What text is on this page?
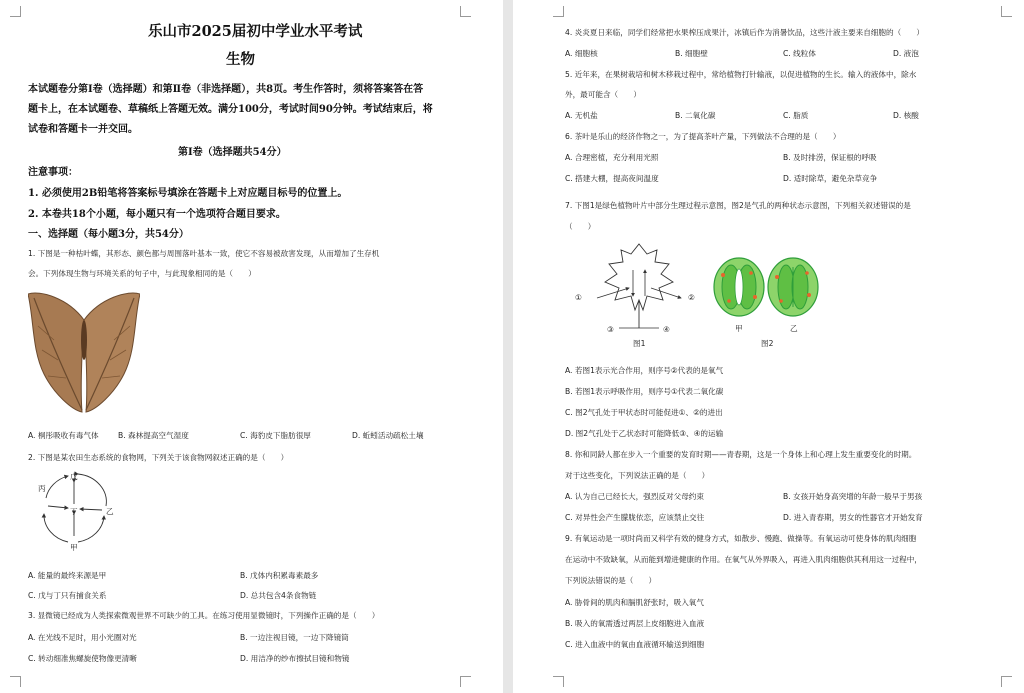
乐山市2025届初中学业水平考试
生物
本试题卷分第Ⅰ卷（选择题）和第Ⅱ卷（非选择题），共8页。考生作答时，须将答案答在答
题卡上，在本试题卷、草稿纸上答题无效。满分100分，考试时间90分钟。考试结束后，将
试卷和答题卡一并交回。
第Ⅰ卷（选择题共54分）
注意事项：
1. 必须使用2B铅笔将答案标号填涂在答题卡上对应题目标号的位置上。
2. 本卷共18个小题，每小题只有一个选项符合题目要求。
一、选择题（每小题3分，共54分）
1. 下图是一种枯叶蝶，其形态、颜色都与周围落叶基本一致，使它不容易被敌害发现，从而增加了生存机
会。下列体现生物与环境关系的句子中，与此现象相同的是（　　）
A. 桐彤吸收有毒气体	B. 森林提高空气湿度	C. 海豹皮下脂肪很厚	D. 蚯蚓活动疏松土壤
2. 下图是某农田生态系统的食物网，下列关于该食物网叙述正确的是（　　）
戊
丙
丁	乙
甲
A. 能量的最终来源是甲	B. 戊体内积累毒素最多
C. 戊与丁只有捕食关系	D. 总共包含4条食物链
3. 显微镜已经成为人类探索微观世界不可缺少的工具。在练习使用显微镜时，下列操作正确的是（　　）
A. 在光线不足时，用小光圈对光	B. 一边注视目镜，一边下降镜筒
C. 转动细准焦螺旋使物像更清晰	D. 用洁净的纱布擦拭目镜和物镜
4. 炎炎夏日来临，同学们经常把水果榨压成果汁，冰镇后作为消暑饮品，这些汁液主要来自细胞的（　　）
A. 细胞核	B. 细胞壁	C. 线粒体	D. 液泡
5. 近年来，在果树栽培和树木移栽过程中，常给植物打针输液，以促进植物的生长。输入的液体中，除水
外，最可能含（　　）
A. 无机盐	B. 二氧化碳	C. 脂质	D. 核酸
6. 茶叶是乐山的经济作物之一，为了提高茶叶产量，下列做法不合理的是（　　）
A. 合理密植，充分利用光照	B. 及时排涝，保证根的呼吸
C. 搭建大棚，提高夜间温度	D. 适时除草，避免杂草竞争
7. 下图1是绿色植物叶片中部分生理过程示意图，图2是气孔的两种状态示意图，下列相关叙述错误的是
（　　）
①	②
③	④
图1
甲	乙
图2
A. 若图1表示光合作用，则序号②代表的是氧气
B. 若图1表示呼吸作用，则序号①代表二氧化碳
C. 图2气孔处于甲状态时可能促进①、②的进出
D. 图2气孔处于乙状态时可能降低③、④的运输
8. 你和同龄人都在步入一个重要的发育时期——青春期，这是一个身体上和心理上发生重要变化的时期。
对于这些变化，下列说法正确的是（　　）
A. 认为自己已经长大，强烈反对父母约束	B. 女孩开始身高突增的年龄一般早于男孩
C. 对异性会产生朦胧依恋，应该禁止交往	D. 进入青春期，男女的性器官才开始发育
9. 有氧运动是一项时尚而又科学有效的健身方式，如散步、慢跑、做操等。有氧运动可使身体的肌肉细胞
在运动中不致缺氧，从而能到增进健康的作用。在氧气从外界吸入，再进入肌肉细胞供其利用这一过程中，
下列说法错误的是（　　）
A. 胁骨间的肌肉和膈肌舒张时，吸入氧气
B. 吸入的氧需透过两层上皮细胞进入血液
C. 进入血液中的氧由血液循环输送到细胞
